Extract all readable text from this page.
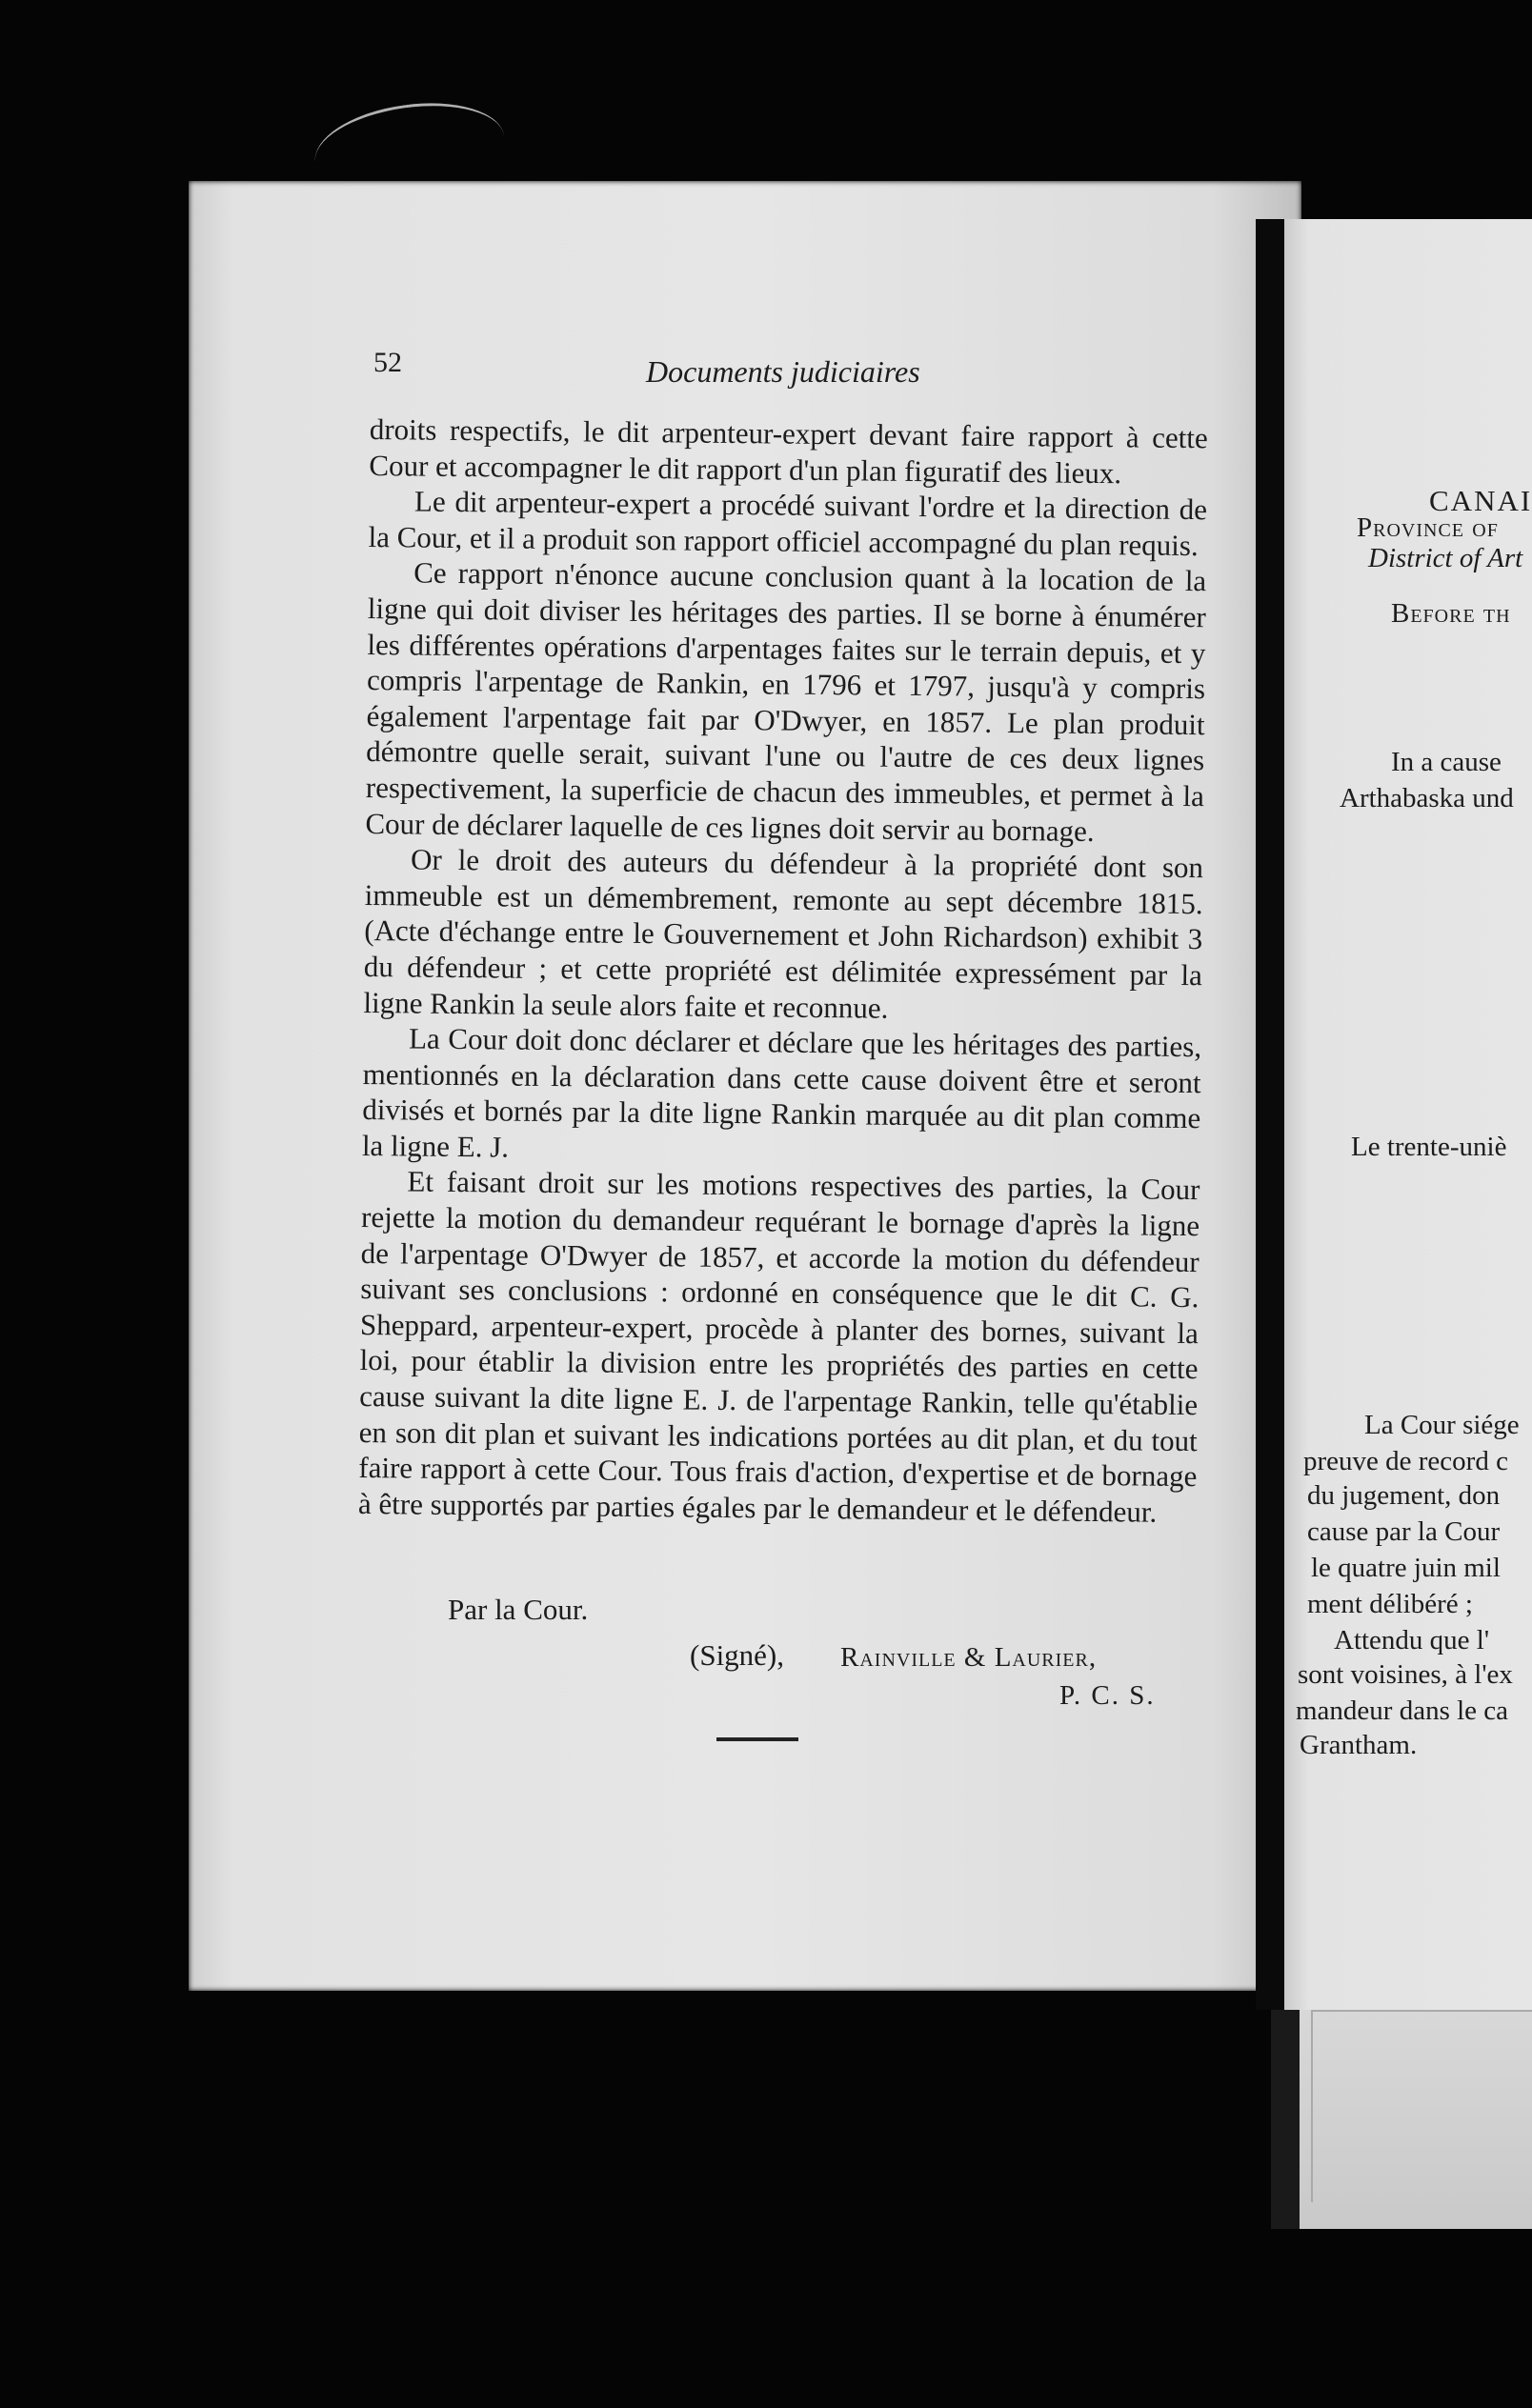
52	Documents judiciaires

droits respectifs, le dit arpenteur-expert devant faire rapport à cette Cour et accompagner le dit rapport d'un plan figuratif des lieux.

Le dit arpenteur-expert a procédé suivant l'ordre et la direction de la Cour, et il a produit son rapport officiel accompagné du plan requis.

Ce rapport n'énonce aucune conclusion quant à la location de la ligne qui doit diviser les héritages des parties. Il se borne à énumérer les différentes opérations d'arpentages faites sur le terrain depuis, et y compris l'arpentage de Rankin, en 1796 et 1797, jusqu'à y compris également l'arpentage fait par O'Dwyer, en 1857. Le plan produit démontre quelle serait, suivant l'une ou l'autre de ces deux lignes respectivement, la superficie de chacun des immeubles, et permet à la Cour de déclarer laquelle de ces lignes doit servir au bornage.

Or le droit des auteurs du défendeur à la propriété dont son immeuble est un démembrement, remonte au sept décembre 1815. (Acte d'échange entre le Gouvernement et John Richardson) exhibit 3 du défendeur ; et cette propriété est délimitée expressément par la ligne Rankin la seule alors faite et reconnue.

La Cour doit donc déclarer et déclare que les héritages des parties, mentionnés en la déclaration dans cette cause doivent être et seront divisés et bornés par la dite ligne Rankin marquée au dit plan comme la ligne E. J.

Et faisant droit sur les motions respectives des parties, la Cour rejette la motion du demandeur requérant le bornage d'après la ligne de l'arpentage O'Dwyer de 1857, et accorde la motion du défendeur suivant ses conclusions : ordonné en conséquence que le dit C. G. Sheppard, arpenteur-expert, procède à planter des bornes, suivant la loi, pour établir la division entre les propriétés des parties en cette cause suivant la dite ligne E. J. de l'arpentage Rankin, telle qu'établie en son dit plan et suivant les indications portées au dit plan, et du tout faire rapport à cette Cour. Tous frais d'action, d'expertise et de bornage à être supportés par parties égales par le demandeur et le défendeur.

Par la Cour.
(Signé), Rainville & Laurier,
P. C. S.
CANAI
Province of
District of Art
Before th
In a cause
Arthabaska und
Le trente-uniè
La Cour siége
preuve de record c
du jugement, don
cause par la Cour
le quatre juin mil
ment délibéré ;
Attendu que l'
sont voisines, à l'ex
mandeur dans le ca
Grantham.
